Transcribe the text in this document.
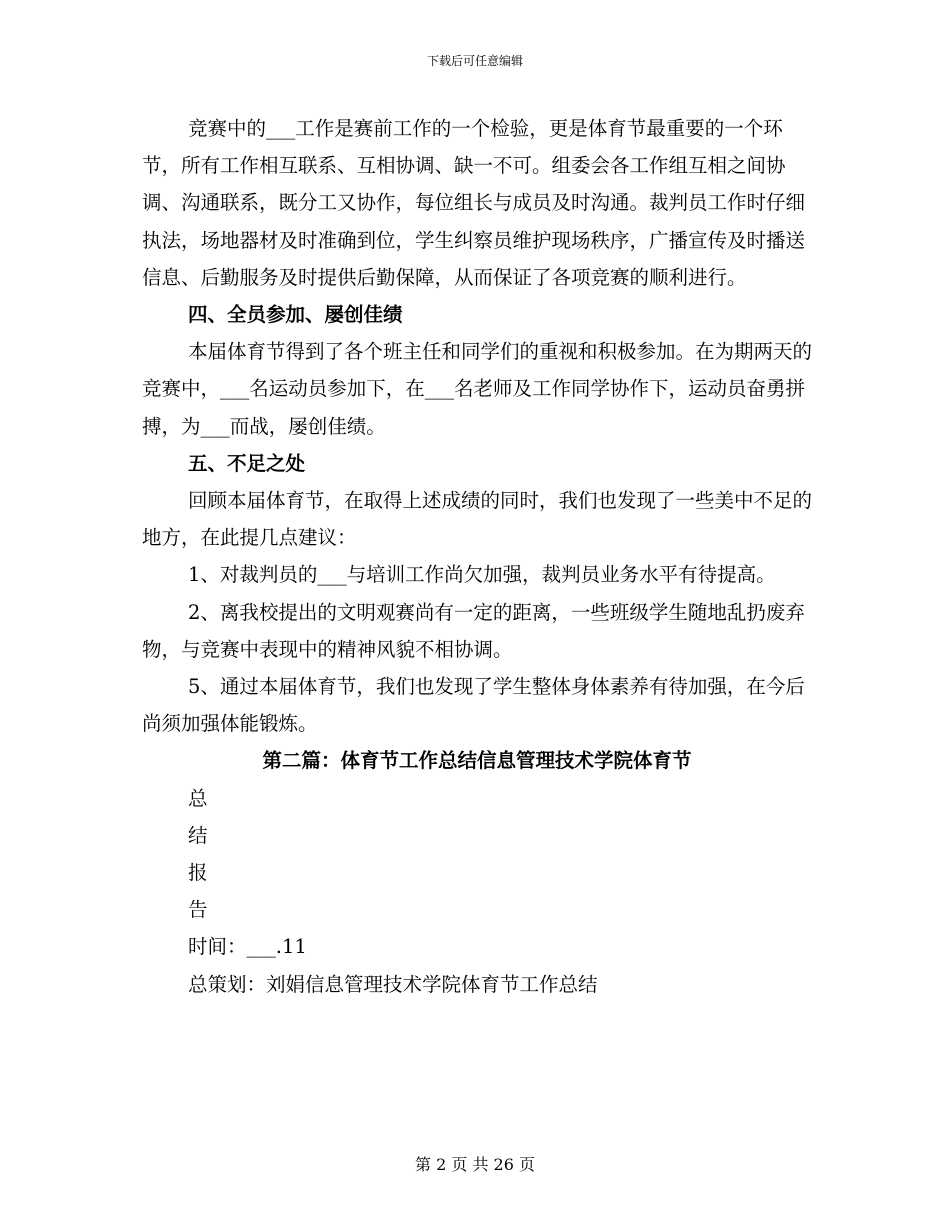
下载后可任意编辑

竞赛中的___工作是赛前工作的一个检验，更是体育节最重要的一个环节，所有工作相互联系、互相协调、缺一不可。组委会各工作组互相之间协调、沟通联系，既分工又协作，每位组长与成员及时沟通。裁判员工作时仔细执法，场地器材及时准确到位，学生纠察员维护现场秩序，广播宣传及时播送信息、后勤服务及时提供后勤保障，从而保证了各项竞赛的顺利进行。

四、全员参加、屡创佳绩

本届体育节得到了各个班主任和同学们的重视和积极参加。在为期两天的竞赛中，___名运动员参加下，在___名老师及工作同学协作下，运动员奋勇拼搏，为___而战，屡创佳绩。

五、不足之处

回顾本届体育节，在取得上述成绩的同时，我们也发现了一些美中不足的地方，在此提几点建议：

1、对裁判员的___与培训工作尚欠加强，裁判员业务水平有待提高。

2、离我校提出的文明观赛尚有一定的距离，一些班级学生随地乱扔废弃物，与竞赛中表现中的精神风貌不相协调。

5、通过本届体育节，我们也发现了学生整体身体素养有待加强，在今后尚须加强体能锻炼。

第二篇：体育节工作总结信息管理技术学院体育节

总

结

报

告

时间：___.11

总策划：刘娟信息管理技术学院体育节工作总结

第 2 页 共 26 页
